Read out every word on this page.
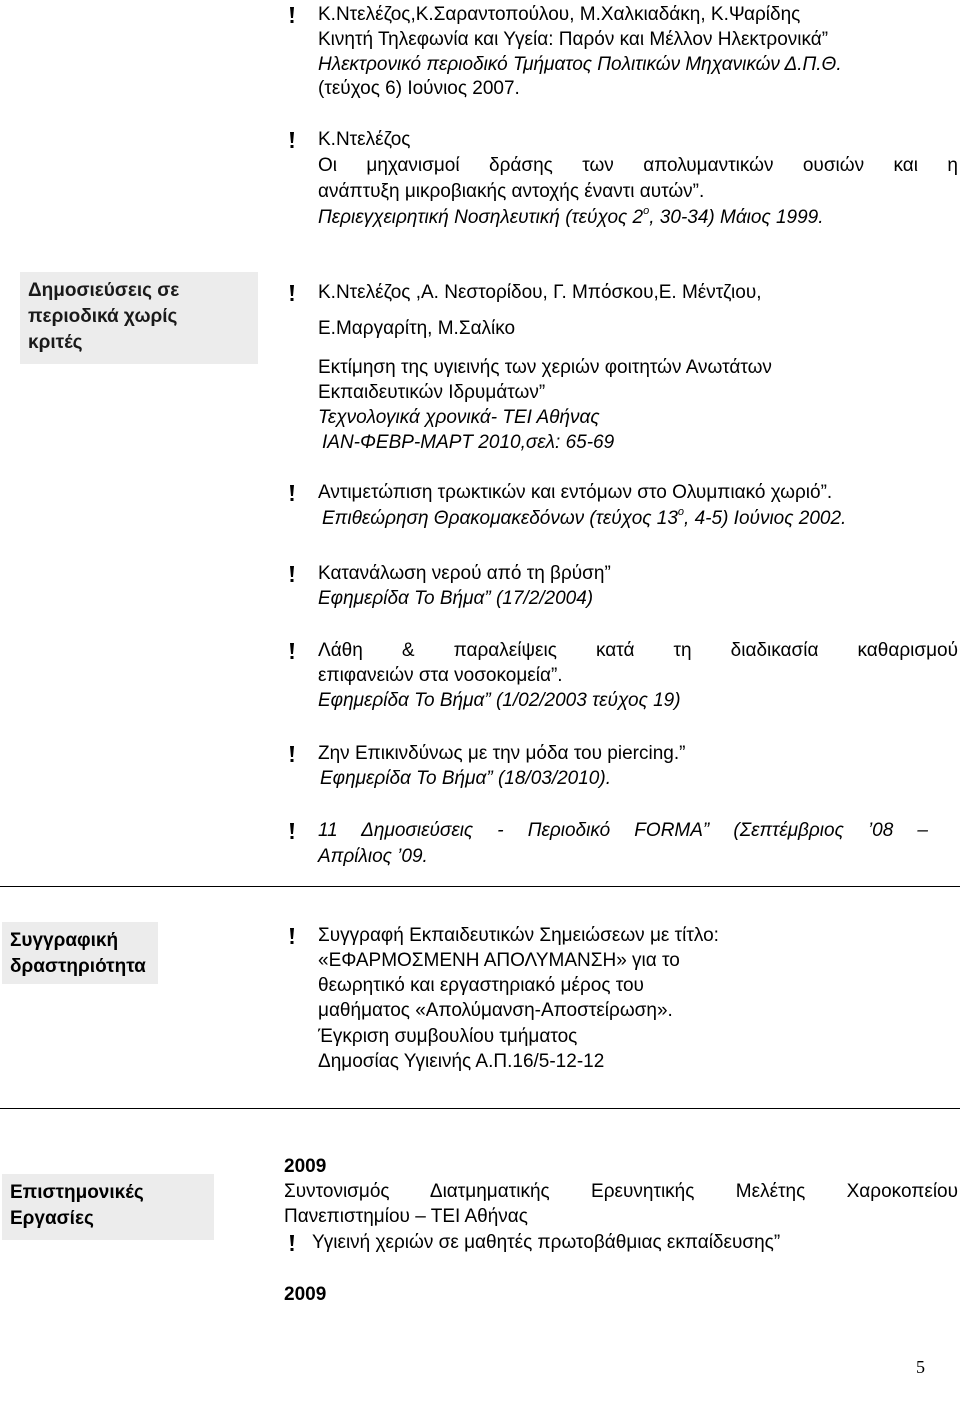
Κ.Ντελέζος,Κ.Σαραντοπούλου, Μ.Χαλκιαδάκη, Κ.Ψαρίδης
Κινητή Τηλεφωνία και Υγεία: Παρόν και Μέλλον Ηλεκτρονικά”
Ηλεκτρονικό περιοδικό Τμήματος Πολιτικών Μηχανικών Δ.Π.Θ.
(τεύχος 6) Ιούνιος 2007.
Κ.Ντελέζος
Οι μηχανισμοί δράσης των απολυμαντικών ουσιών και η
ανάπτυξη μικροβιακής αντοχής έναντι αυτών”.
Περιεγχειρητική Νοσηλευτική (τεύχος $2^o$, 30-34) Μάιος 1999.
Δημοσιεύσεις σε
περιοδικά χωρίς
κριτές
Κ.Ντελέζος ,Α. Νεστορίδου, Γ. Μπόσκου,Ε. Μέντζιου,
Ε.Μαργαρίτη, Μ.Σαλίκο
Εκτίμηση της υγιεινής των χεριών φοιτητών Ανωτάτων
Εκπαιδευτικών Ιδρυμάτων”
Τεχνολογικά χρονικά- ΤΕΙ Αθήνας
ΙΑΝ-ΦΕΒΡ-ΜΑΡΤ 2010,σελ: 65-69
Αντιμετώπιση τρωκτικών και εντόμων στο Ολυμπιακό χωριό”.
Επιθεώρηση Θρακομακεδόνων (τεύχος $13^o$, 4-5) Ιούνιος 2002.
Κατανάλωση νερού από τη βρύση”
Εφημερίδα Το Βήμα” (17/2/2004)
Λάθη & παραλείψεις κατά τη διαδικασία καθαρισμού
επιφανειών στα νοσοκομεία”.
Εφημερίδα Το Βήμα” (1/02/2003 τεύχος 19)
Ζην Επικινδύνως με την μόδα του piercing.”
Εφημερίδα Το Βήμα” (18/03/2010).
11 Δημοσιεύσεις - Περιοδικό FORMA” (Σεπτέμβριος ’08 –
Απρίλιος ’09.
Συγγραφική
δραστηριότητα
Συγγραφή Εκπαιδευτικών Σημειώσεων με τίτλο:
«ΕΦΑΡΜΟΣΜΕΝΗ ΑΠΟΛΥΜΑΝΣΗ» για το
θεωρητικό και εργαστηριακό μέρος του
μαθήματος «Απολύμανση-Αποστείρωση».
Έγκριση συμβουλίου τμήματος
Δημοσίας Υγιεινής Α.Π.16/5-12-12
Επιστημονικές
Εργασίες
2009
Συντονισμός Διατμηματικής Ερευνητικής Μελέτης Χαροκοπείου
Πανεπιστημίου – ΤΕΙ Αθήνας
Υγιεινή χεριών σε μαθητές πρωτοβάθμιας εκπαίδευσης”
2009
5
